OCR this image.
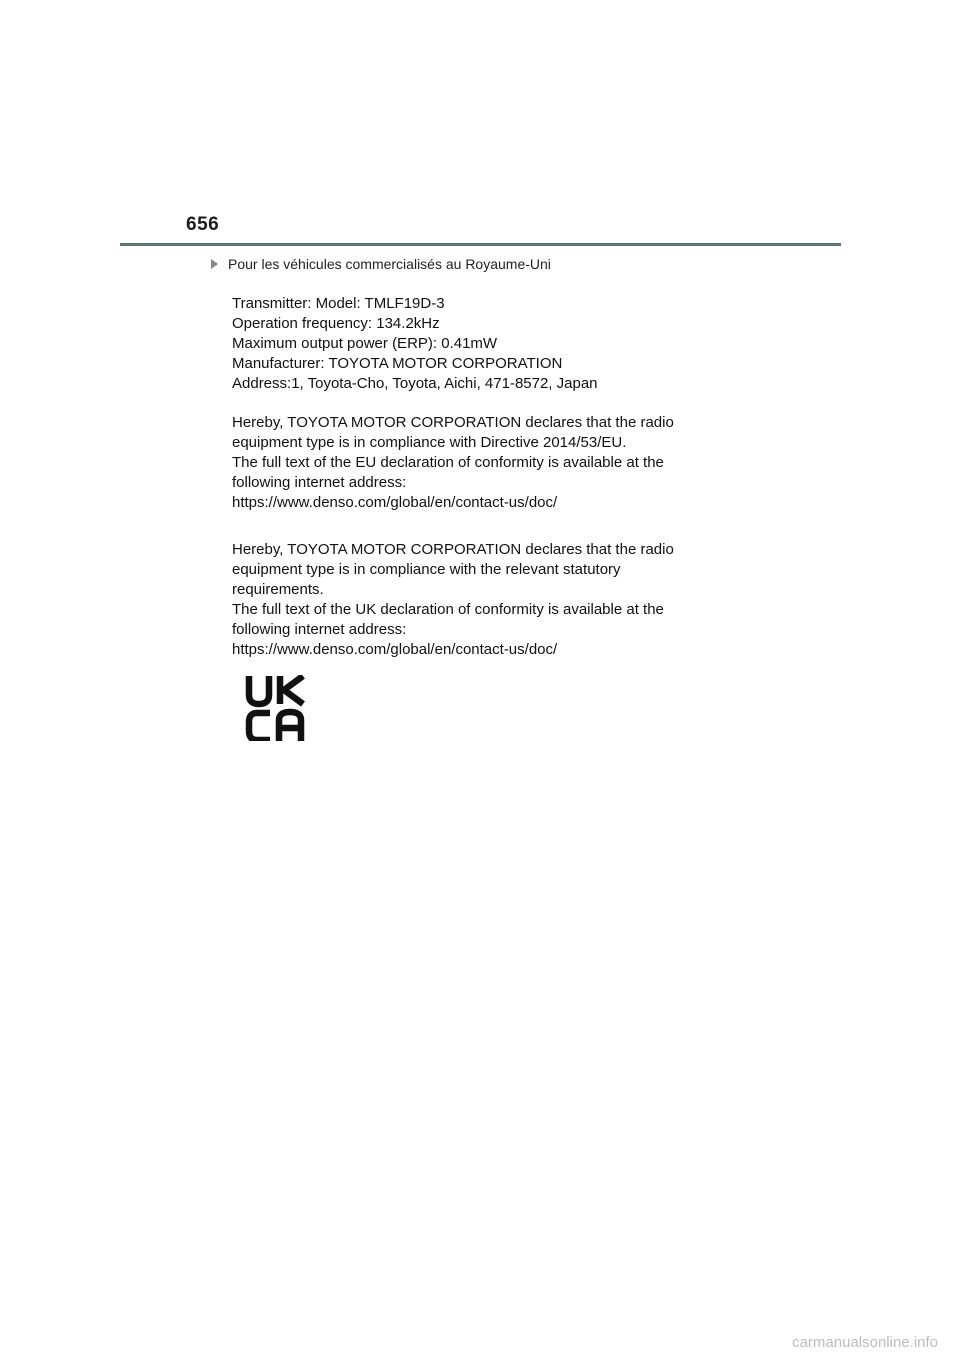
656
Pour les véhicules commercialisés au Royaume-Uni

Transmitter: Model: TMLF19D-3

Operation frequency: 134.2kHz

Maximum output power (ERP): 0.41mW

Manufacturer: TOYOTA MOTOR CORPORATION

Address:1, Toyota-Cho, Toyota, Aichi, 471-8572, Japan

Hereby, TOYOTA MOTOR CORPORATION declares that the radio

equipment type is in compliance with Directive 2014/53/EU.

The full text of the EU declaration of conformity is available at the

following internet address:

https://www.denso.com/global/en/contact-us/doc/

Hereby, TOYOTA MOTOR CORPORATION declares that the radio

equipment type is in compliance with the relevant statutory

requirements.

The full text of the UK declaration of conformity is available at the

following internet address:

https://www.denso.com/global/en/contact-us/doc/

carmanualsonline.info
